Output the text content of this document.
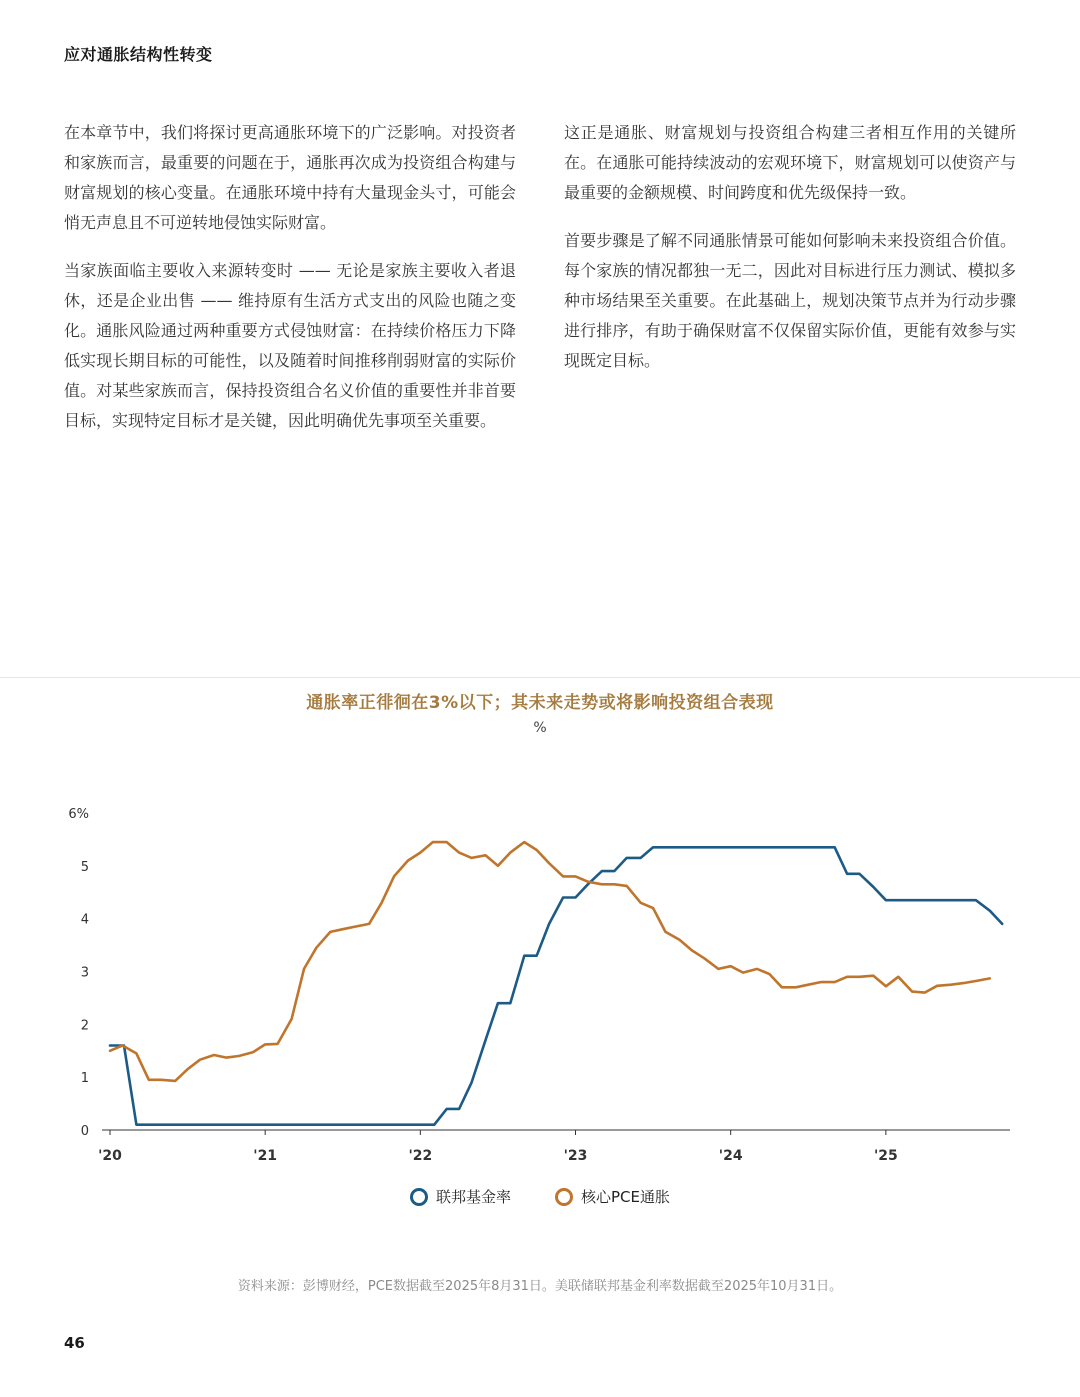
应对通胀结构性转变

在本章节中，我们将探讨更高通胀环境下的广泛影响。对投资者和家族而言，最重要的问题在于，通胀再次成为投资组合构建与财富规划的核心变量。在通胀环境中持有大量现金头寸，可能会悄无声息且不可逆转地侵蚀实际财富。

当家族面临主要收入来源转变时 —— 无论是家族主要收入者退休，还是企业出售 —— 维持原有生活方式支出的风险也随之变化。通胀风险通过两种重要方式侵蚀财富：在持续价格压力下降低实现长期目标的可能性，以及随着时间推移削弱财富的实际价值。对某些家族而言，保持投资组合名义价值的重要性并非首要目标，实现特定目标才是关键，因此明确优先事项至关重要。

这正是通胀、财富规划与投资组合构建三者相互作用的关键所在。在通胀可能持续波动的宏观环境下，财富规划可以使资产与最重要的金额规模、时间跨度和优先级保持一致。

首要步骤是了解不同通胀情景可能如何影响未来投资组合价值。每个家族的情况都独一无二，因此对目标进行压力测试、模拟多种市场结果至关重要。在此基础上，规划决策节点并为行动步骤进行排序，有助于确保财富不仅保留实际价值，更能有效参与实现既定目标。

通胀率正徘徊在3%以下；其未来走势或将影响投资组合表现
%
0
1
2
3
4
5
6%
'20	'21	'22	'23	'24	'25
联邦基金率	核心PCE通胀
资料来源：彭博财经，PCE数据截至2025年8月31日。美联储联邦基金利率数据截至2025年10月31日。
46
